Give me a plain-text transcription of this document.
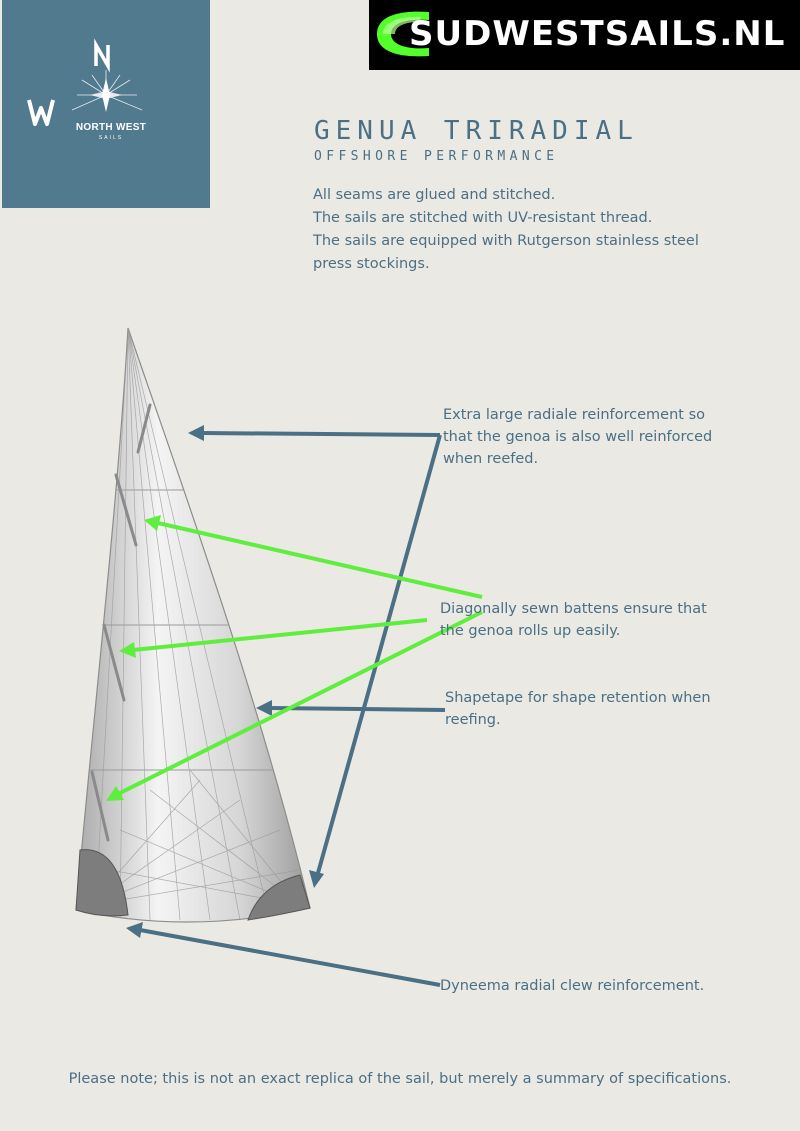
NORTH WEST
SAILS
SUDWESTSAILS.NL
GENUA TRIRADIAL
OFFSHORE PERFORMANCE
All seams are glued and stitched.
The sails are stitched with UV-resistant thread.
The sails are equipped with Rutgerson stainless steel
press stockings.
Extra large radiale reinforcement so
that the genoa is also well reinforced
when reefed.
Diagonally sewn battens ensure that
the genoa rolls up easily.
Shapetape for shape retention when
reefing.
Dyneema radial clew reinforcement.
Please note; this is not an exact replica of the sail, but merely a summary of specifications.
